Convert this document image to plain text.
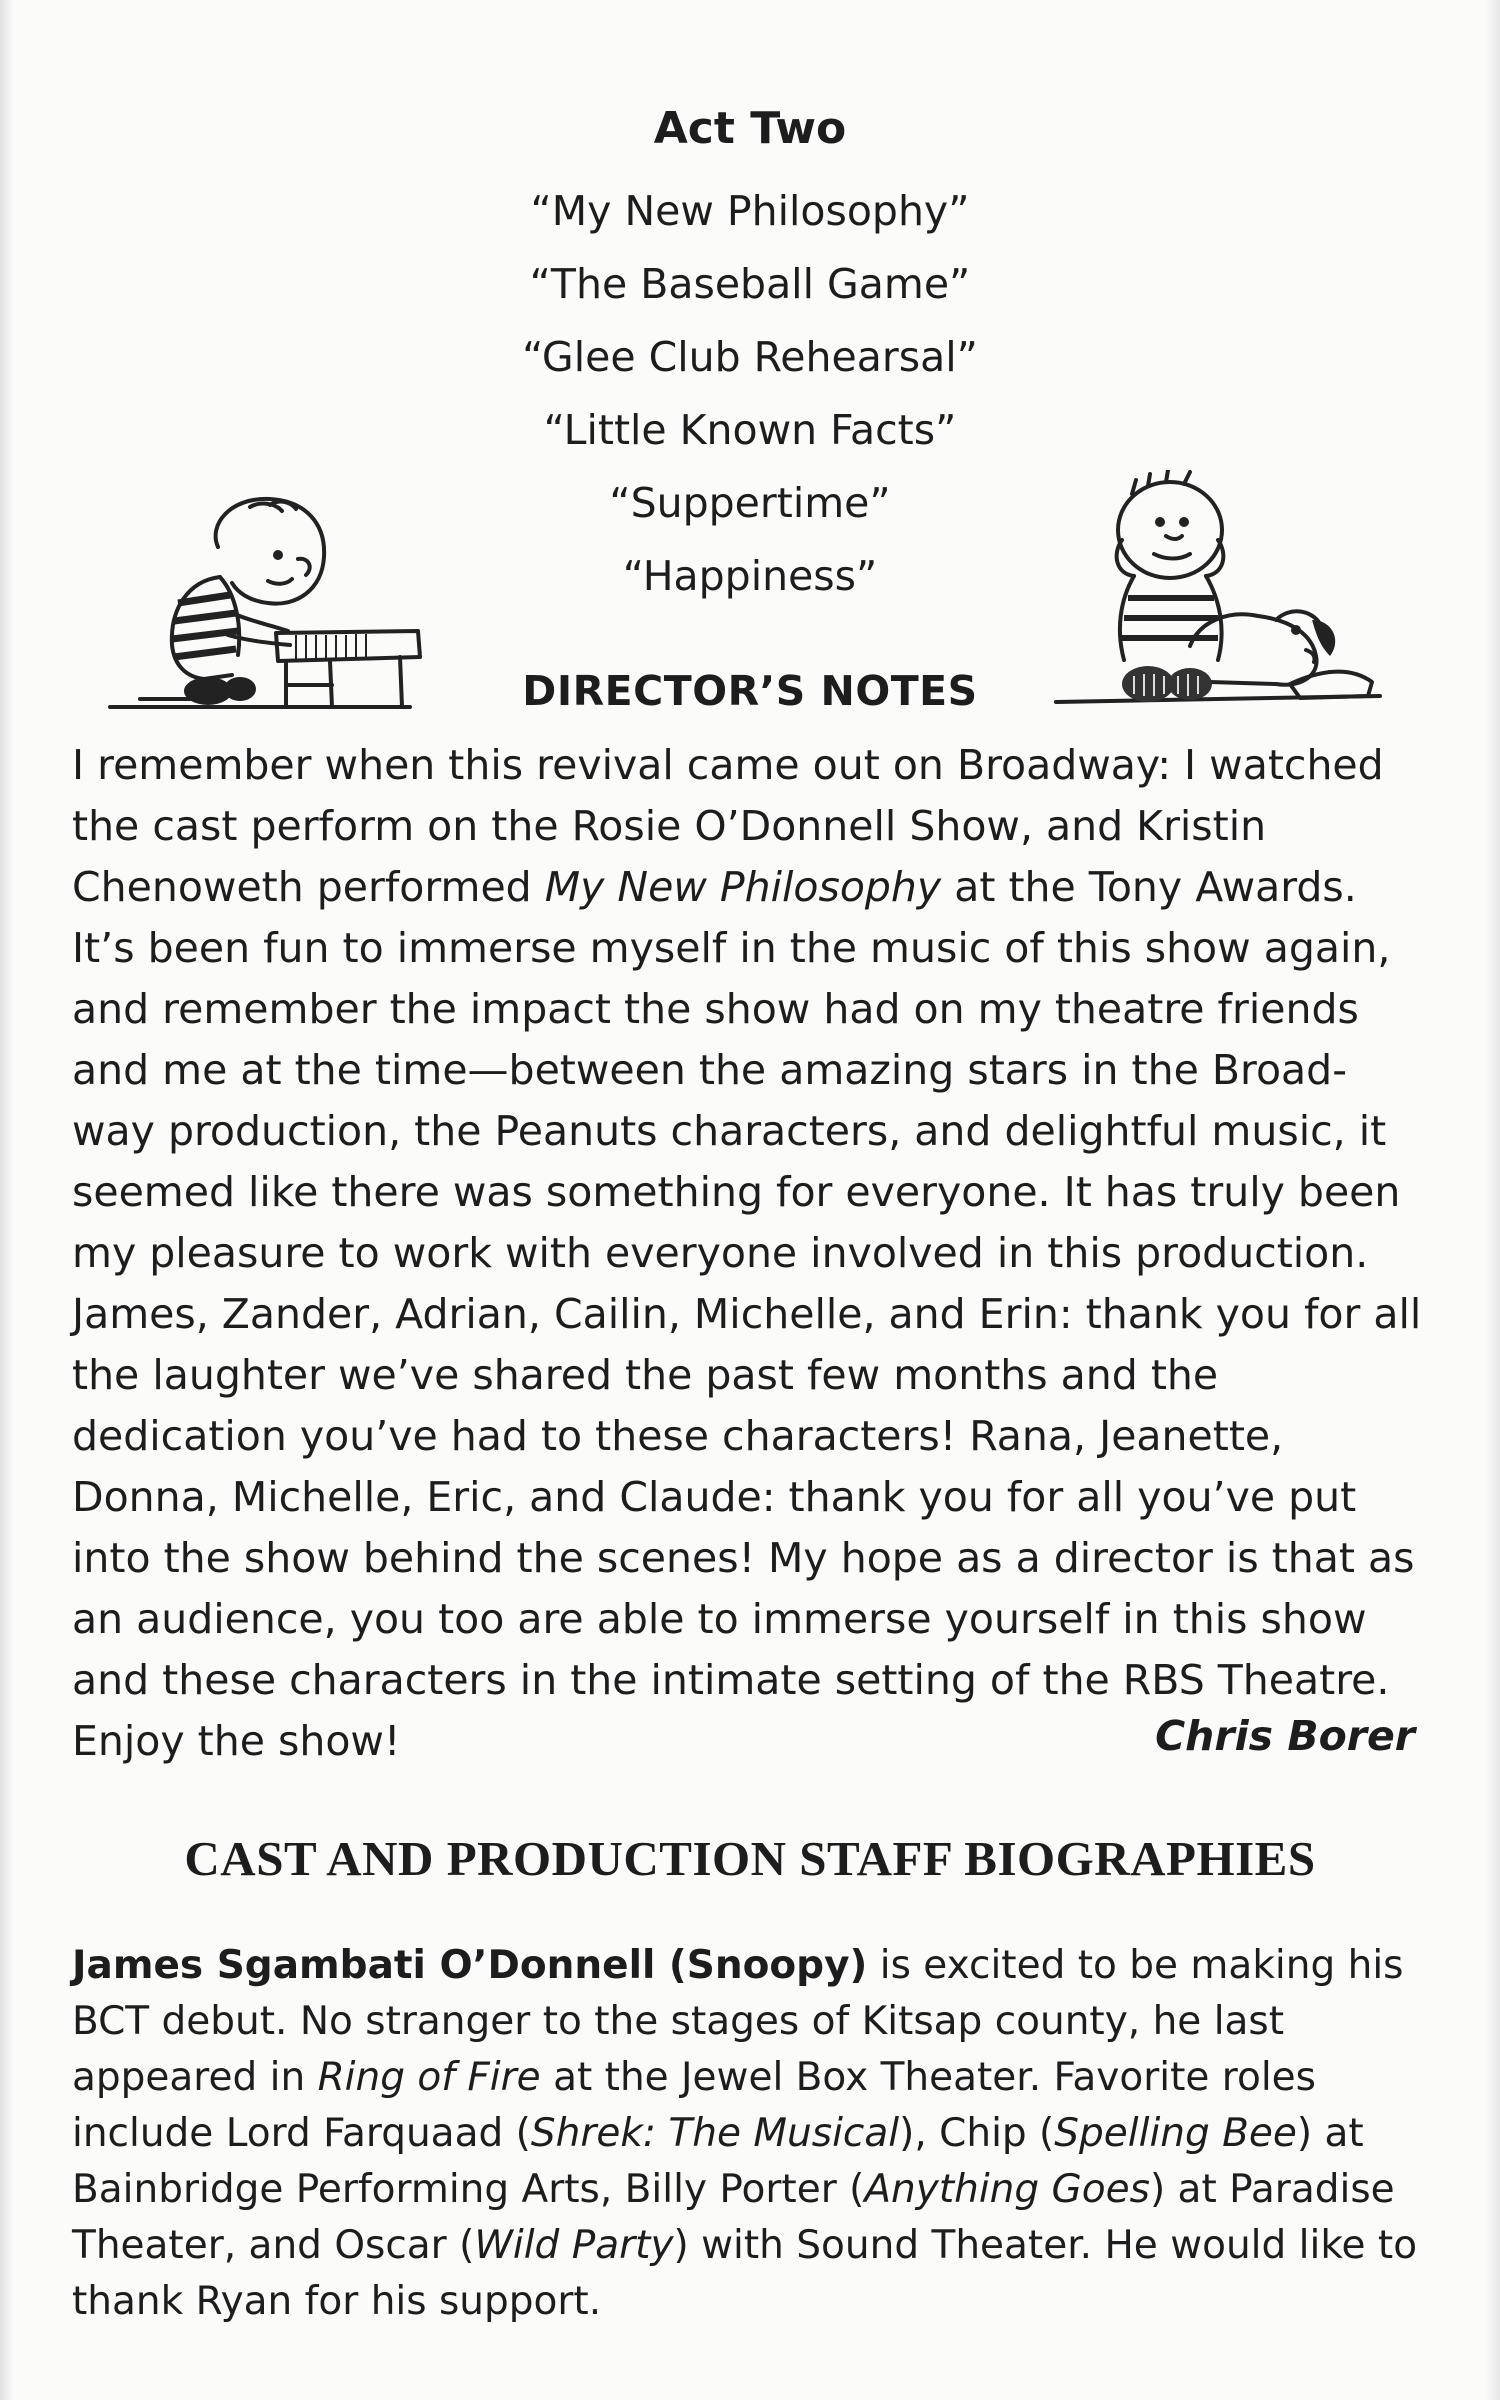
Act Two
“My New Philosophy”
“The Baseball Game”
“Glee Club Rehearsal”
“Little Known Facts”
“Suppertime”
“Happiness”
DIRECTOR’S NOTES
I remember when this revival came out on Broadway: I watched the cast perform on the Rosie O’Donnell Show, and Kristin Chenoweth performed My New Philosophy at the Tony Awards. It’s been fun to immerse myself in the music of this show again, and remember the impact the show had on my theatre friends and me at the time—between the amazing stars in the Broad-way production, the Peanuts characters, and delightful music, it seemed like there was something for everyone. It has truly been my pleasure to work with everyone involved in this production. James, Zander, Adrian, Cailin, Michelle, and Erin: thank you for all the laughter we’ve shared the past few months and the dedication you’ve had to these characters! Rana, Jeanette, Donna, Michelle, Eric, and Claude: thank you for all you’ve put into the show behind the scenes! My hope as a director is that as an audience, you too are able to immerse yourself in this show and these characters in the intimate setting of the RBS Theatre. Enjoy the show!	Chris Borer
CAST AND PRODUCTION STAFF BIOGRAPHIES
James Sgambati O’Donnell (Snoopy) is excited to be making his BCT debut. No stranger to the stages of Kitsap county, he last appeared in Ring of Fire at the Jewel Box Theater. Favorite roles include Lord Farquaad (Shrek: The Musical), Chip (Spelling Bee) at Bainbridge Performing Arts, Billy Porter (Anything Goes) at Paradise Theater, and Oscar (Wild Party) with Sound Theater. He would like to thank Ryan for his support.
